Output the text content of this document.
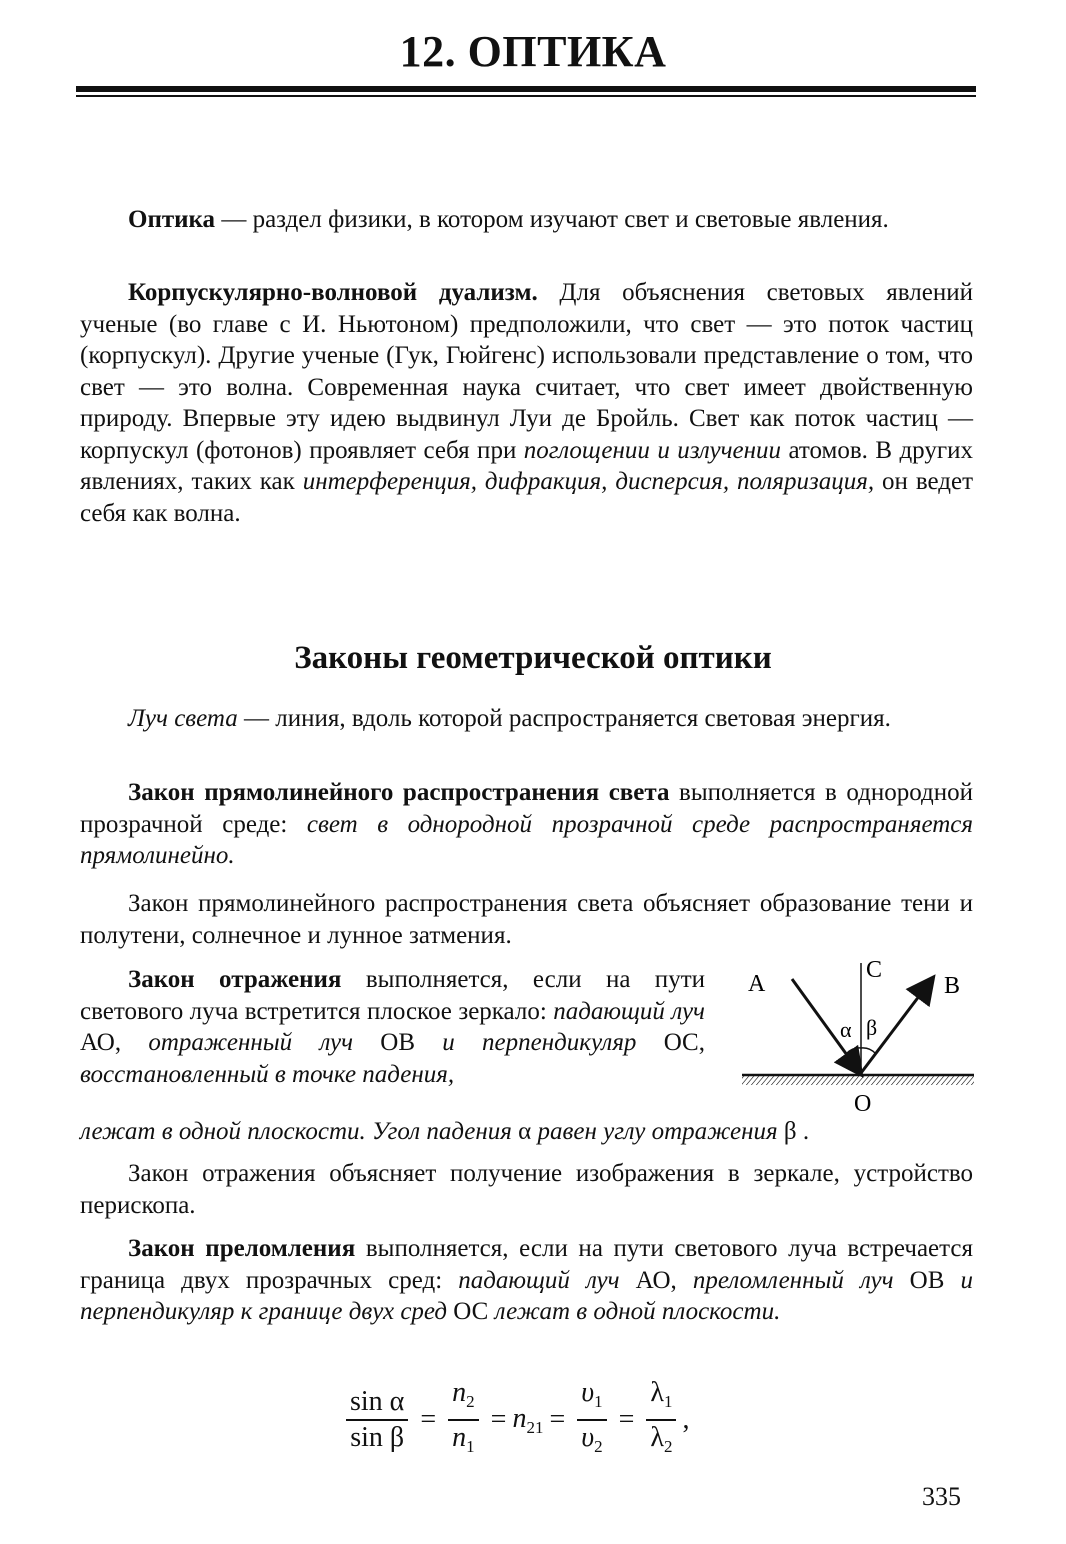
12. ОПТИКА

Оптика — раздел физики, в котором изучают свет и световые явления.

Корпускулярно-волновой дуализм. Для объяснения световых явлений ученые (во главе с И. Ньютоном) предположили, что свет — это поток частиц (корпускул). Другие ученые (Гук, Гюйгенс) использовали представление о том, что свет — это волна. Современная наука считает, что свет имеет двойственную природу. Впервые эту идею выдвинул Луи де Бройль. Свет как поток частиц — корпускул (фотонов) проявляет себя при поглощении и излучении атомов. В других явлениях, таких как интерференция, дифракция, дисперсия, поляризация, он ведет себя как волна.

Законы геометрической оптики

Луч света — линия, вдоль которой распространяется световая энергия.

Закон прямолинейного распространения света выполняется в однородной прозрачной среде: свет в однородной прозрачной среде распространяется прямолинейно.

Закон прямолинейного распространения света объясняет образование тени и полутени, солнечное и лунное затмения.

Закон отражения выполняется, если на пути светового луча встретится плоское зеркало: падающий луч АО, отраженный луч ОВ и перпендикуляр ОС, восстановленный в точке падения,

лежат в одной плоскости. Угол падения α равен углу отражения β .

A
C
B
α β
O

Закон отражения объясняет получение изображения в зеркале, устройство перископа.

Закон преломления выполняется, если на пути светового луча встречается граница двух прозрачных сред: падающий луч АО, преломленный луч ОВ и перпендикуляр к границе двух сред ОС лежат в одной плоскости.

$\frac{\text{sin α}}{\text{sin β}} = \frac{n_2}{n_1} = n_{21} = \frac{\upsilon_1}{\upsilon_2} = \frac{\lambda_1}{\lambda_2}$ ,

335
